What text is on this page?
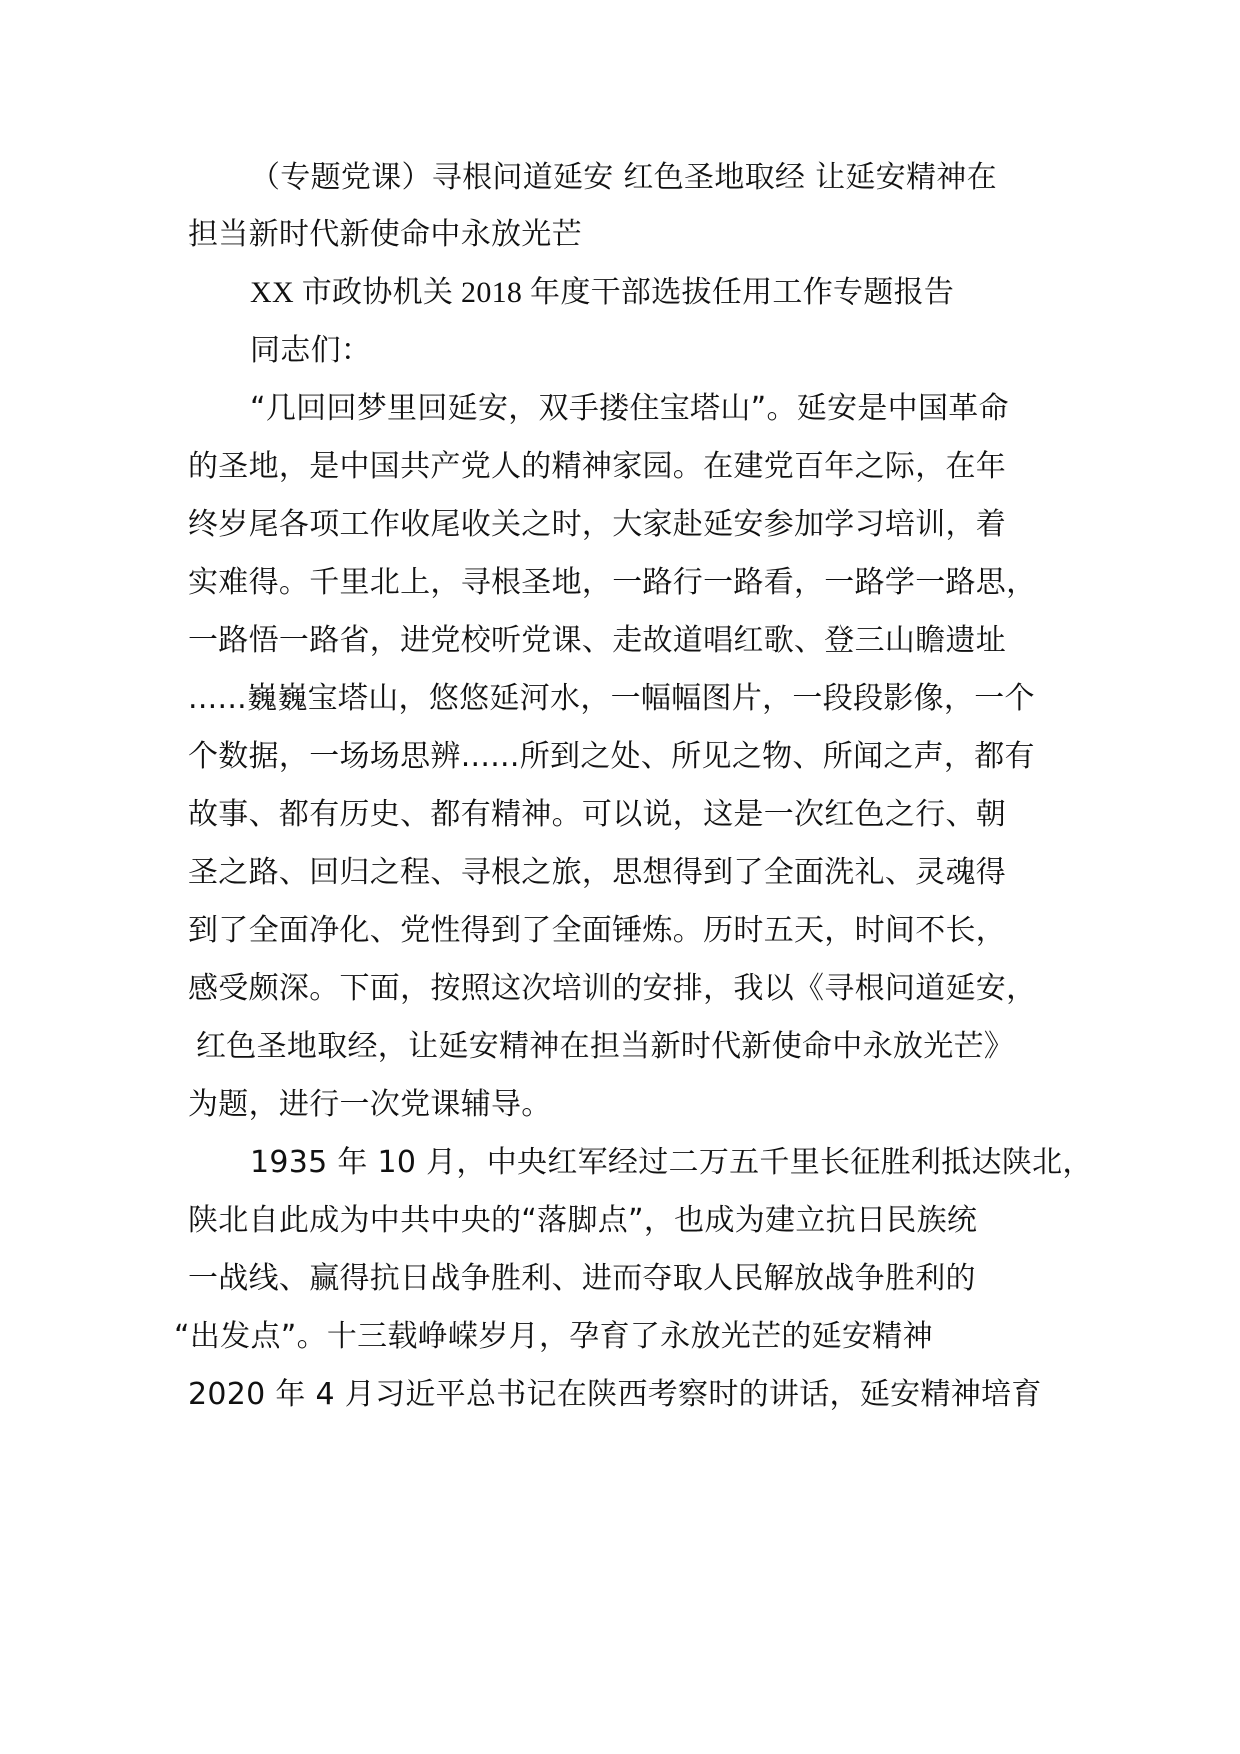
（专题党课）寻根问道延安 红色圣地取经 让延安精神在
担当新时代新使命中永放光芒
XX 市政协机关 2018 年度干部选拔任用工作专题报告
同志们：
“几回回梦里回延安，双手搂住宝塔山”。延安是中国革命
的圣地，是中国共产党人的精神家园。在建党百年之际，在年
终岁尾各项工作收尾收关之时，大家赴延安参加学习培训，着
实难得。千里北上，寻根圣地，一路行一路看，一路学一路思，
一路悟一路省，进党校听党课、走故道唱红歌、登三山瞻遗址
......巍巍宝塔山，悠悠延河水，一幅幅图片，一段段影像，一个
个数据，一场场思辨......所到之处、所见之物、所闻之声，都有
故事、都有历史、都有精神。可以说，这是一次红色之行、朝
圣之路、回归之程、寻根之旅，思想得到了全面洗礼、灵魂得
到了全面净化、党性得到了全面锤炼。历时五天，时间不长，
感受颇深。下面，按照这次培训的安排，我以《寻根问道延安，
红色圣地取经，让延安精神在担当新时代新使命中永放光芒》
为题，进行一次党课辅导。
1935 年 10 月，中央红军经过二万五千里长征胜利抵达陕北，
陕北自此成为中共中央的“落脚点”，也成为建立抗日民族统
一战线、赢得抗日战争胜利、进而夺取人民解放战争胜利的
“出发点”。十三载峥嵘岁月，孕育了永放光芒的延安精神
2020 年 4 月习近平总书记在陕西考察时的讲话，延安精神培育
